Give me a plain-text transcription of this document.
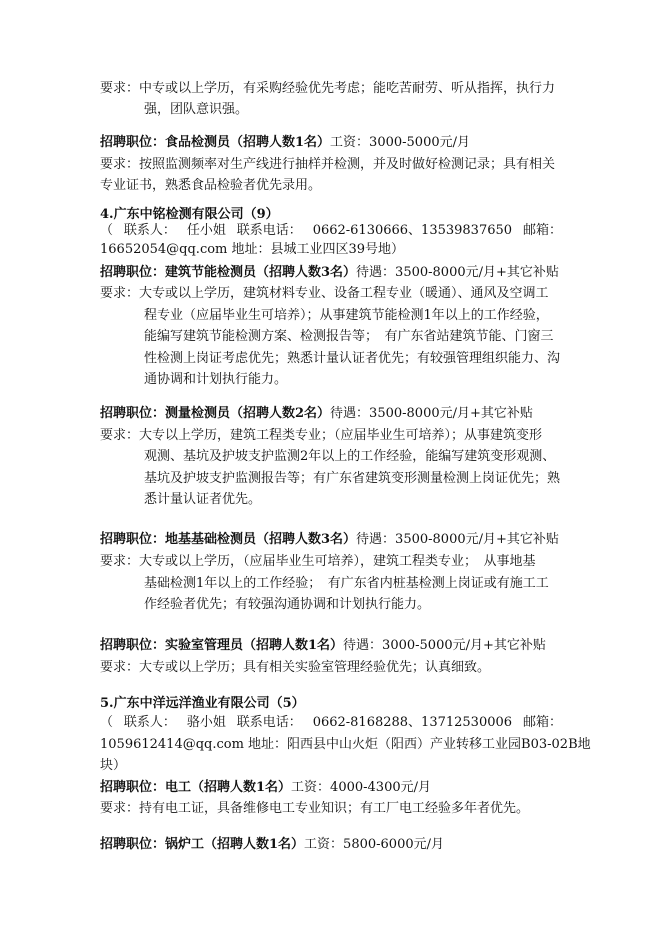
要求：中专或以上学历，有采购经验优先考虑；能吃苦耐劳、听从指挥，执行力
强，团队意识强。
招聘职位：食品检测员（招聘人数1名）工资：3000-5000元/月
要求：按照监测频率对生产线进行抽样并检测，并及时做好检测记录；具有相关
专业证书，熟悉食品检验者优先录用。
4.广东中铭检测有限公司（9）
（ 联系人： 任小姐 联系电话： 0662-6130666、13539837650 邮箱：
16652054@qq.com 地址：县城工业四区39号地）
招聘职位：建筑节能检测员（招聘人数3名）待遇：3500-8000元/月+其它补贴
要求：大专或以上学历，建筑材料专业、设备工程专业（暖通）、通风及空调工
程专业（应届毕业生可培养）；从事建筑节能检测1年以上的工作经验，
能编写建筑节能检测方案、检测报告等；　有广东省站建筑节能、门窗三
性检测上岗证考虑优先；熟悉计量认证者优先；有较强管理组织能力、沟
通协调和计划执行能力。
招聘职位：测量检测员（招聘人数2名）待遇：3500-8000元/月+其它补贴
要求：大专以上学历，建筑工程类专业；（应届毕业生可培养）；从事建筑变形
观测、基坑及护坡支护监测2年以上的工作经验，能编写建筑变形观测、
基坑及护坡支护监测报告等；有广东省建筑变形测量检测上岗证优先；熟
悉计量认证者优先。
招聘职位：地基基础检测员（招聘人数3名）待遇：3500-8000元/月+其它补贴
要求：大专或以上学历，（应届毕业生可培养），建筑工程类专业；　从事地基
基础检测1年以上的工作经验；　有广东省内桩基检测上岗证或有施工工
作经验者优先；有较强沟通协调和计划执行能力。
招聘职位：实验室管理员（招聘人数1名）待遇：3000-5000元/月+其它补贴
要求：大专或以上学历；具有相关实验室管理经验优先；认真细致。
5.广东中洋远洋渔业有限公司（5）
（ 联系人： 骆小姐 联系电话： 0662-8168288、13712530006 邮箱：
1059612414@qq.com 地址：阳西县中山火炬（阳西）产业转移工业园B03-02B地
块）
招聘职位：电工（招聘人数1名）工资：4000-4300元/月
要求：持有电工证，具备维修电工专业知识；有工厂电工经验多年者优先。
招聘职位：锅炉工（招聘人数1名）工资：5800-6000元/月
